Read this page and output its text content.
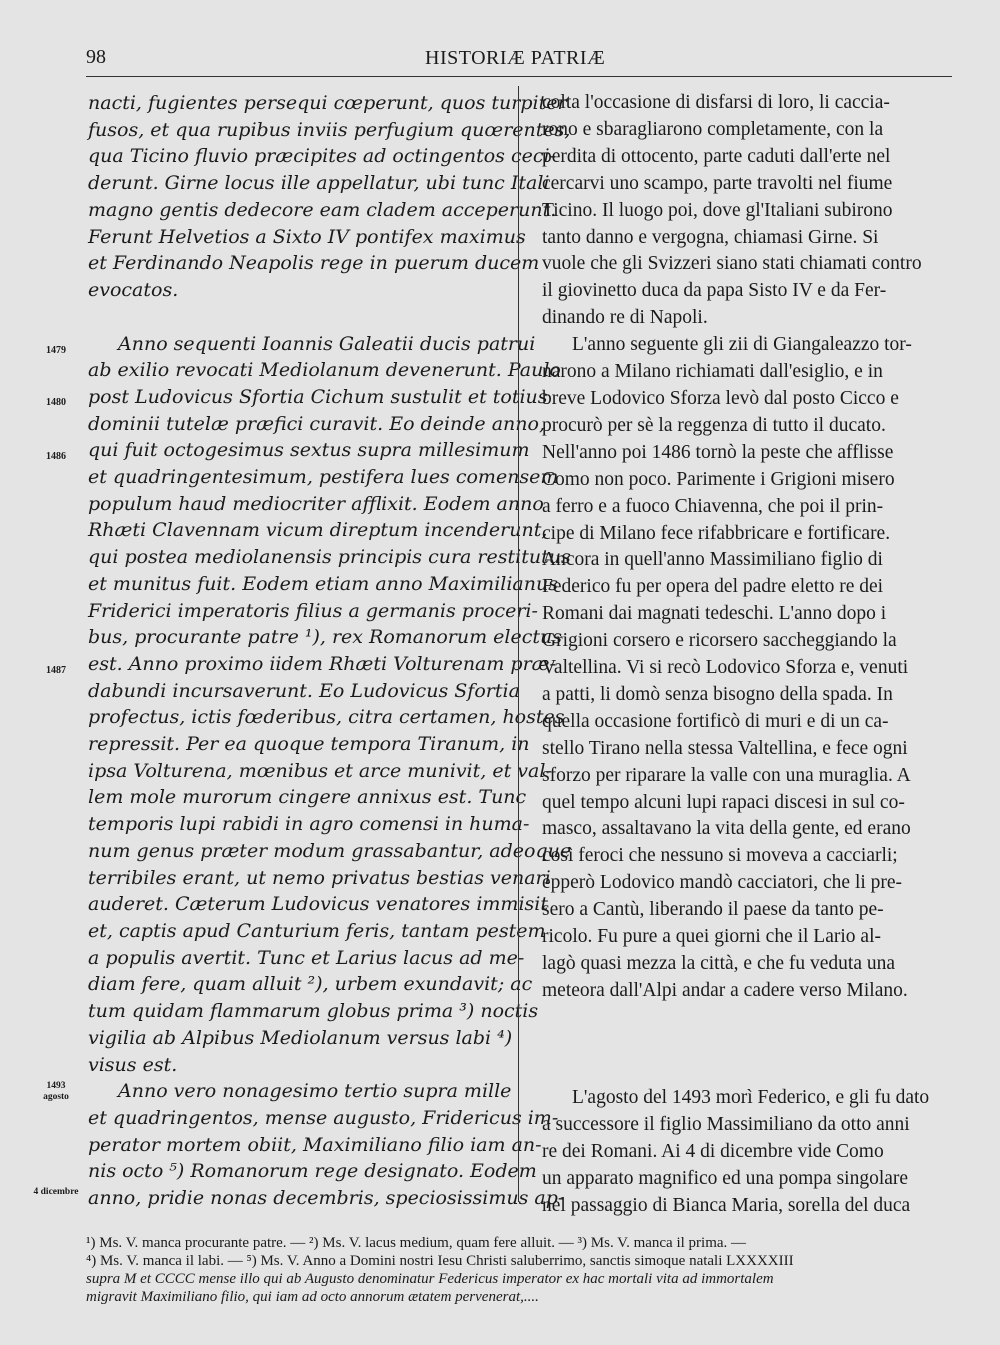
98	HISTORIÆ PATRIÆ
1479
1480
1486
1487
1493
agosto
4 dicembre
nacti, fugientes persequi cœperunt, quos turpiter
fusos, et qua rupibus inviis perfugium quœrentes,
qua Ticino fluvio præcipites ad octingentos ceci-
derunt. Girne locus ille appellatur, ubi tunc Itali
magno gentis dedecore eam cladem acceperunt.
Ferunt Helvetios a Sixto IV pontifex maximus
et Ferdinando Neapolis rege in puerum ducem
evocatos.
Anno sequenti Ioannis Galeatii ducis patrui
ab exilio revocati Mediolanum devenerunt. Paulo
post Ludovicus Sfortia Cichum sustulit et totius
dominii tutelæ præfici curavit. Eo deinde anno,
qui fuit octogesimus sextus supra millesimum
et quadringentesimum, pestifera lues comensem
populum haud mediocriter afflixit. Eodem anno
Rhæti Clavennam vicum direptum incenderunt,
qui postea mediolanensis principis cura restitutus
et munitus fuit. Eodem etiam anno Maximilianus
Friderici imperatoris filius a germanis proceri-
bus, procurante patre ¹), rex Romanorum electus
est. Anno proximo iidem Rhæti Volturenam præ-
dabundi incursaverunt. Eo Ludovicus Sfortia
profectus, ictis fœderibus, citra certamen, hostes
repressit. Per ea quoque tempora Tiranum, in
ipsa Volturena, mœnibus et arce munivit, et val-
lem mole murorum cingere annixus est. Tunc
temporis lupi rabidi in agro comensi in huma-
num genus præter modum grassabantur, adeoque
terribiles erant, ut nemo privatus bestias venari
auderet. Cæterum Ludovicus venatores immisit
et, captis apud Canturium feris, tantam pestem
a populis avertit. Tunc et Larius lacus ad me-
diam fere, quam alluit ²), urbem exundavit; ac
tum quidam flammarum globus prima ³) noctis
vigilia ab Alpibus Mediolanum versus labi ⁴)
visus est.
Anno vero nonagesimo tertio supra mille
et quadringentos, mense augusto, Fridericus im-
perator mortem obiit, Maximiliano filio iam an-
nis octo ⁵) Romanorum rege designato. Eodem
anno, pridie nonas decembris, speciosissimus ap-
colta l'occasione di disfarsi di loro, li caccia-
rono e sbaragliarono completamente, con la
perdita di ottocento, parte caduti dall'erte nel
cercarvi uno scampo, parte travolti nel fiume
Ticino. Il luogo poi, dove gl'Italiani subirono
tanto danno e vergogna, chiamasi Girne. Si
vuole che gli Svizzeri siano stati chiamati contro
il giovinetto duca da papa Sisto IV e da Fer-
dinando re di Napoli.
L'anno seguente gli zii di Giangaleazzo tor-
narono a Milano richiamati dall'esiglio, e in
breve Lodovico Sforza levò dal posto Cicco e
procurò per sè la reggenza di tutto il ducato.
Nell'anno poi 1486 tornò la peste che afflisse
Como non poco. Parimente i Grigioni misero
a ferro e a fuoco Chiavenna, che poi il prin-
cipe di Milano fece rifabbricare e fortificare.
Ancora in quell'anno Massimiliano figlio di
Federico fu per opera del padre eletto re dei
Romani dai magnati tedeschi. L'anno dopo i
Grigioni corsero e ricorsero saccheggiando la
Valtellina. Vi si recò Lodovico Sforza e, venuti
a patti, li domò senza bisogno della spada. In
quella occasione fortificò di muri e di un ca-
stello Tirano nella stessa Valtellina, e fece ogni
sforzo per riparare la valle con una muraglia. A
quel tempo alcuni lupi rapaci discesi in sul co-
masco, assaltavano la vita della gente, ed erano
così feroci che nessuno si moveva a cacciarli;
epperò Lodovico mandò cacciatori, che li pre-
sero a Cantù, liberando il paese da tanto pe-
ricolo. Fu pure a quei giorni che il Lario al-
lagò quasi mezza la città, e che fu veduta una
meteora dall'Alpi andar a cadere verso Milano.
L'agosto del 1493 morì Federico, e gli fu dato
a successore il figlio Massimiliano da otto anni
re dei Romani. Ai 4 di dicembre vide Como
un apparato magnifico ed una pompa singolare
nel passaggio di Bianca Maria, sorella del duca
¹) Ms. V. manca procurante patre. — ²) Ms. V. lacus medium, quam fere alluit. — ³) Ms. V. manca il prima. —
⁴) Ms. V. manca il labi. — ⁵) Ms. V. Anno a Domini nostri Iesu Christi saluberrimo, sanctis simoque natali LXXXXIII
supra M et CCCC mense illo qui ab Augusto denominatur Federicus imperator ex hac mortali vita ad immortalem
migravit Maximiliano filio, qui iam ad octo annorum ætatem pervenerat,....
